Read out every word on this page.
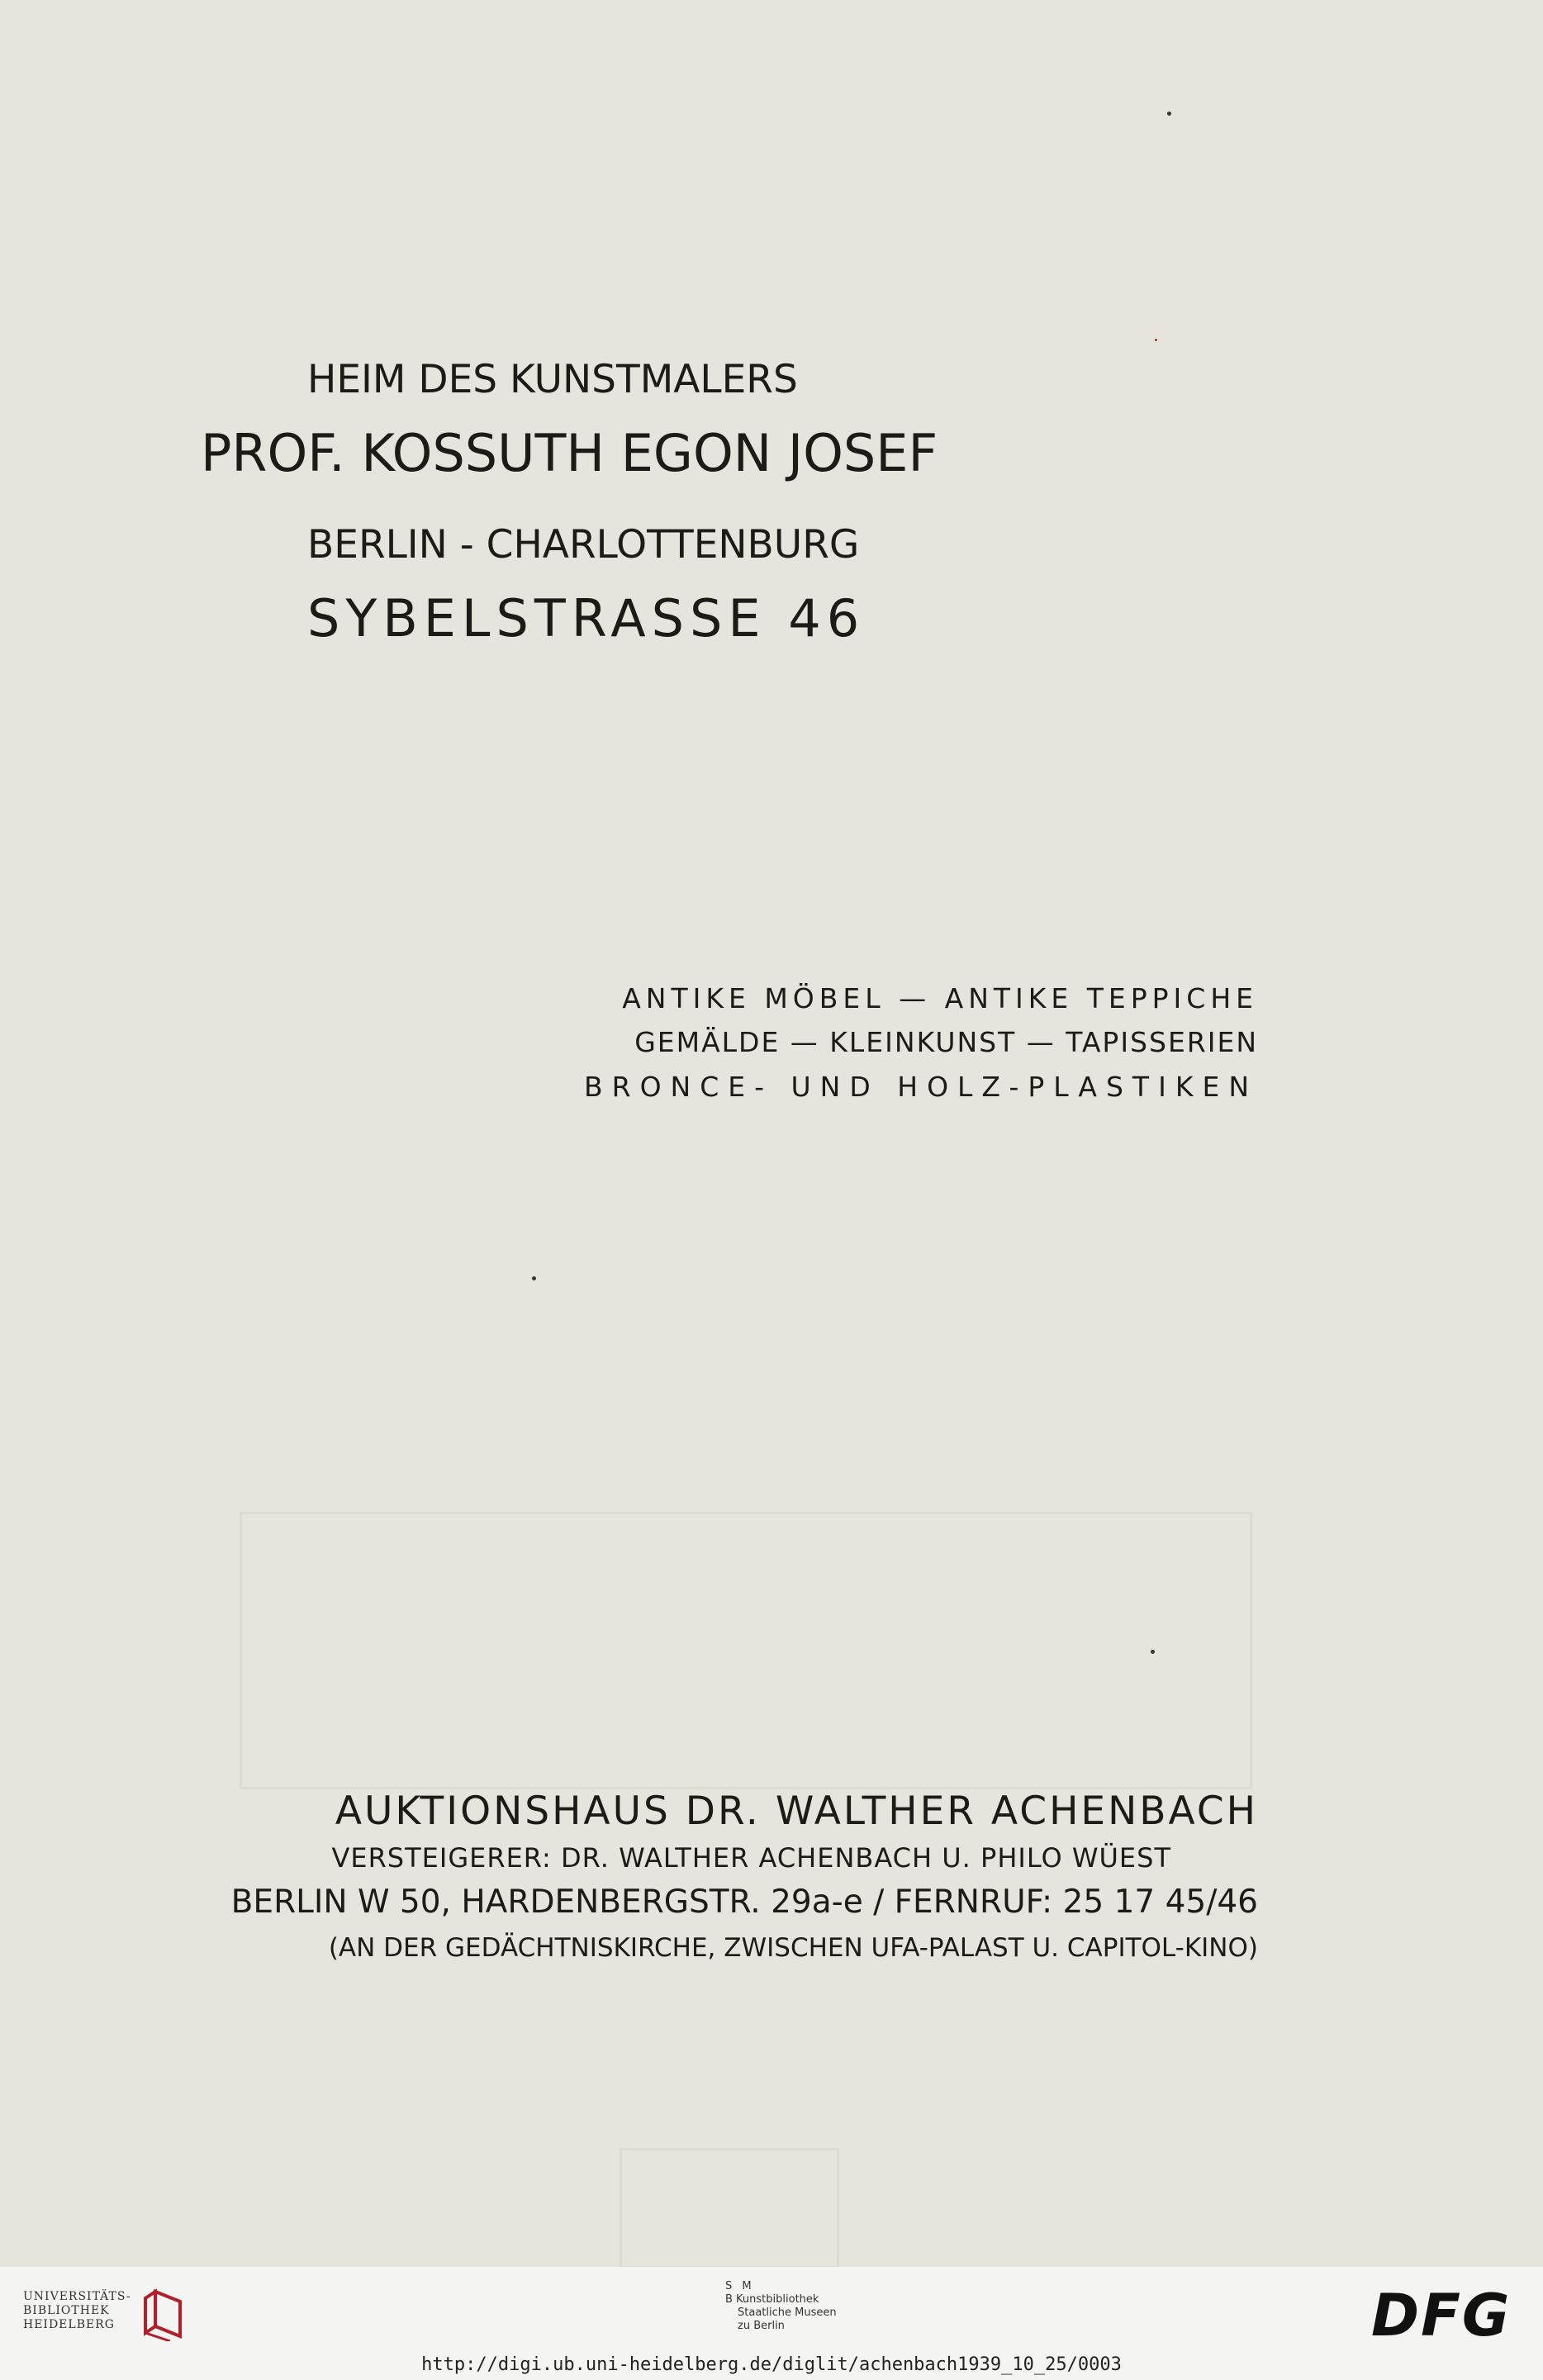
HEIM DES KUNSTMALERS
PROF. KOSSUTH EGON JOSEF
BERLIN - CHARLOTTENBURG
SYBELSTRASSE 46
ANTIKE MÖBEL — ANTIKE TEPPICHE
GEMÄLDE — KLEINKUNST — TAPISSERIEN
BRONCE- UND HOLZ-PLASTIKEN
AUKTIONSHAUS DR. WALTHER ACHENBACH
VERSTEIGERER: DR. WALTHER ACHENBACH U. PHILO WÜEST
BERLIN W 50, HARDENBERGSTR. 29a-e / FERNRUF: 25 17 45/46
(AN DER GEDÄCHTNISKIRCHE, ZWISCHEN UFA-PALAST U. CAPITOL-KINO)
UNIVERSITÄTS-
BIBLIOTHEK
HEIDELBERG
S M
B Kunstbibliothek
Staatliche Museen
zu Berlin	DFG
http://digi.ub.uni-heidelberg.de/diglit/achenbach1939_10_25/0003
